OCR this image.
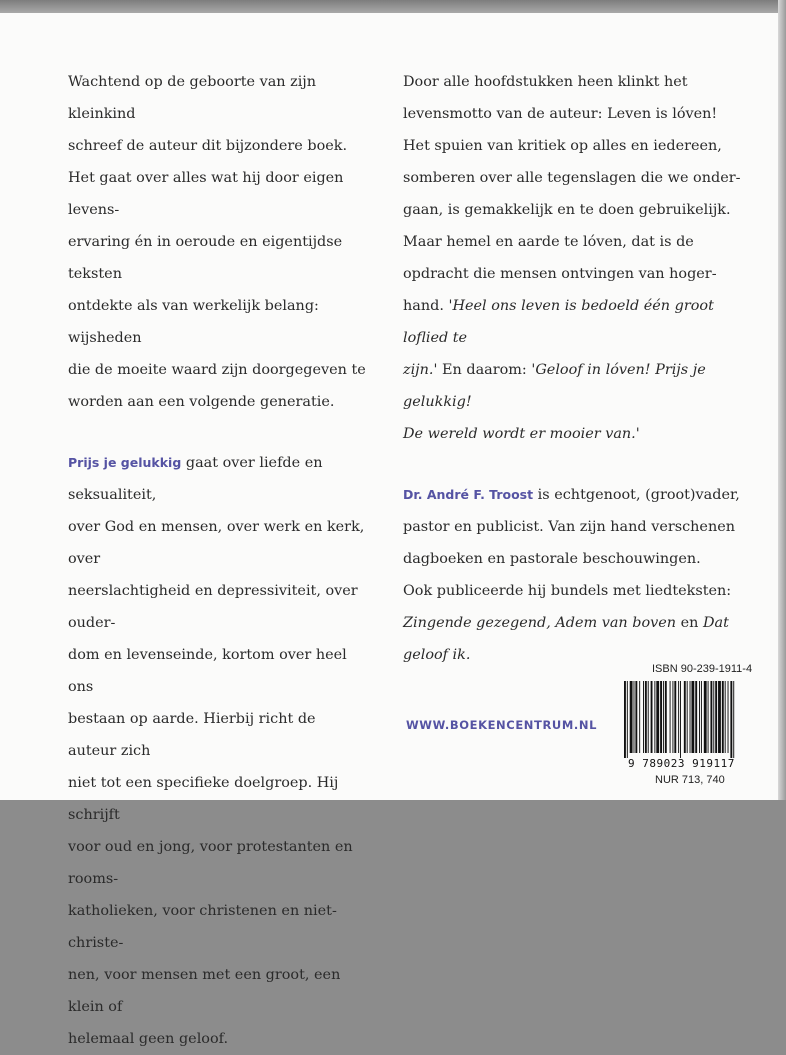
Wachtend op de geboorte van zijn kleinkind

schreef de auteur dit bijzondere boek.

Het gaat over alles wat hij door eigen levens-

ervaring én in oeroude en eigentijdse teksten

ontdekte als van werkelijk belang: wijsheden

die de moeite waard zijn doorgegeven te

worden aan een volgende generatie.

Prijs je gelukkig gaat over liefde en seksualiteit,

over God en mensen, over werk en kerk, over

neerslachtigheid en depressiviteit, over ouder-

dom en levenseinde, kortom over heel ons

bestaan op aarde. Hierbij richt de auteur zich

niet tot een specifieke doelgroep. Hij schrijft

voor oud en jong, voor protestanten en rooms-

katholieken, voor christenen en niet-christe-

nen, voor mensen met een groot, een klein of

helemaal geen geloof.

Door alle hoofdstukken heen klinkt het

levensmotto van de auteur: Leven is lóven!

Het spuien van kritiek op alles en iedereen,

somberen over alle tegenslagen die we onder-

gaan, is gemakkelijk en te doen gebruikelijk.

Maar hemel en aarde te lóven, dat is de

opdracht die mensen ontvingen van hoger-

hand. 'Heel ons leven is bedoeld één groot loflied te

zijn.' En daarom: 'Geloof in lóven! Prijs je gelukkig!

De wereld wordt er mooier van.'

Dr. André F. Troost is echtgenoot, (groot)vader,

pastor en publicist. Van zijn hand verschenen

dagboeken en pastorale beschouwingen.

Ook publiceerde hij bundels met liedteksten:

Zingende gezegend, Adem van boven en Dat geloof ik.

WWW.BOEKENCENTRUM.NL
ISBN 90-239-1911-4
9 789023 919117
NUR 713, 740
